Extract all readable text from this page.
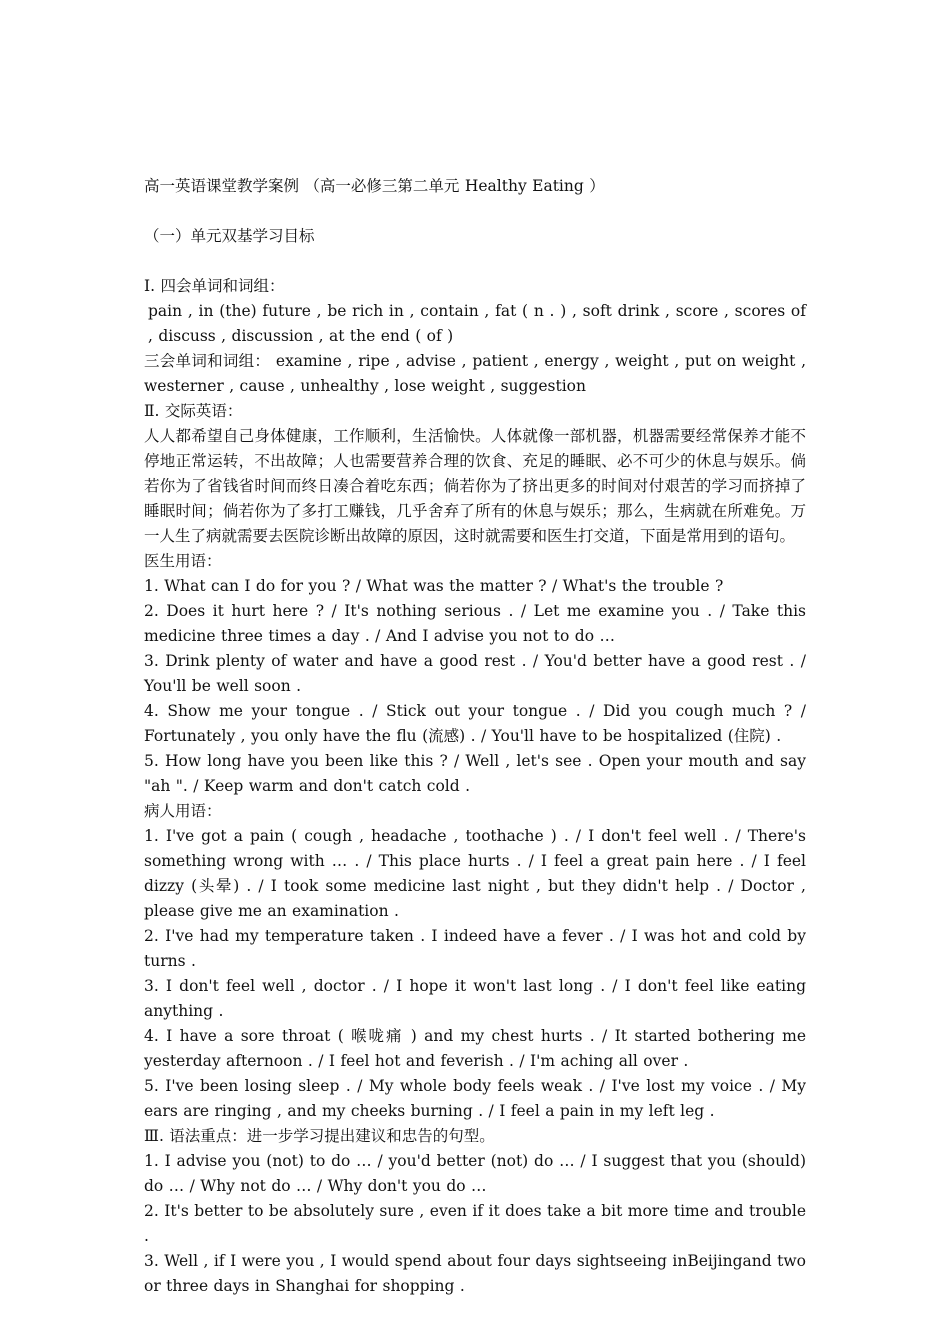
高一英语课堂教学案例 （高一必修三第二单元 Healthy Eating ）

（一）单元双基学习目标

Ⅰ. 四会单词和词组：

pain , in (the) future , be rich in , contain , fat ( n . ) , soft drink , score , scores of , discuss , discussion , at the end ( of )

三会单词和词组： examine , ripe , advise , patient , energy , weight , put on weight , westerner , cause , unhealthy , lose weight , suggestion

Ⅱ. 交际英语：

人人都希望自己身体健康，工作顺利，生活愉快。人体就像一部机器，机器需要经常保养才能不停地正常运转，不出故障；人也需要营养合理的饮食、充足的睡眠、必不可少的休息与娱乐。倘若你为了省钱省时间而终日凑合着吃东西；倘若你为了挤出更多的时间对付艰苦的学习而挤掉了睡眠时间；倘若你为了多打工赚钱，几乎舍弃了所有的休息与娱乐；那么，生病就在所难免。万一人生了病就需要去医院诊断出故障的原因，这时就需要和医生打交道，下面是常用到的语句。

医生用语：

1. What can I do for you ? / What was the matter ? / What's the trouble ?

2. Does it hurt here ? / It's nothing serious . / Let me examine you . / Take this medicine three times a day . / And I advise you not to do …

3. Drink plenty of water and have a good rest . / You'd better have a good rest . / You'll be well soon .

4. Show me your tongue . / Stick out your tongue . / Did you cough much ? / Fortunately , you only have the flu (流感) . / You'll have to be hospitalized (住院) .

5. How long have you been like this ? / Well , let's see . Open your mouth and say "ah ". / Keep warm and don't catch cold .

病人用语：

1. I've got a pain ( cough , headache , toothache ) . / I don't feel well . / There's something wrong with … . / This place hurts . / I feel a great pain here . / I feel dizzy (头晕) . / I took some medicine last night , but they didn't help . / Doctor , please give me an examination .

2. I've had my temperature taken . I indeed have a fever . / I was hot and cold by turns .

3. I don't feel well , doctor . / I hope it won't last long . / I don't feel like eating anything .

4. I have a sore throat ( 喉咙痛 ) and my chest hurts . / It started bothering me yesterday afternoon . / I feel hot and feverish . / I'm aching all over .

5. I've been losing sleep . / My whole body feels weak . / I've lost my voice . / My ears are ringing , and my cheeks burning . / I feel a pain in my left leg .

Ⅲ. 语法重点：进一步学习提出建议和忠告的句型。

1. I advise you (not) to do … / you'd better (not) do … / I suggest that you (should) do … / Why not do … / Why don't you do …

2. It's better to be absolutely sure , even if it does take a bit more time and trouble .

3. Well , if I were you , I would spend about four days sightseeing inBeijingand two or three days in Shanghai for shopping .
